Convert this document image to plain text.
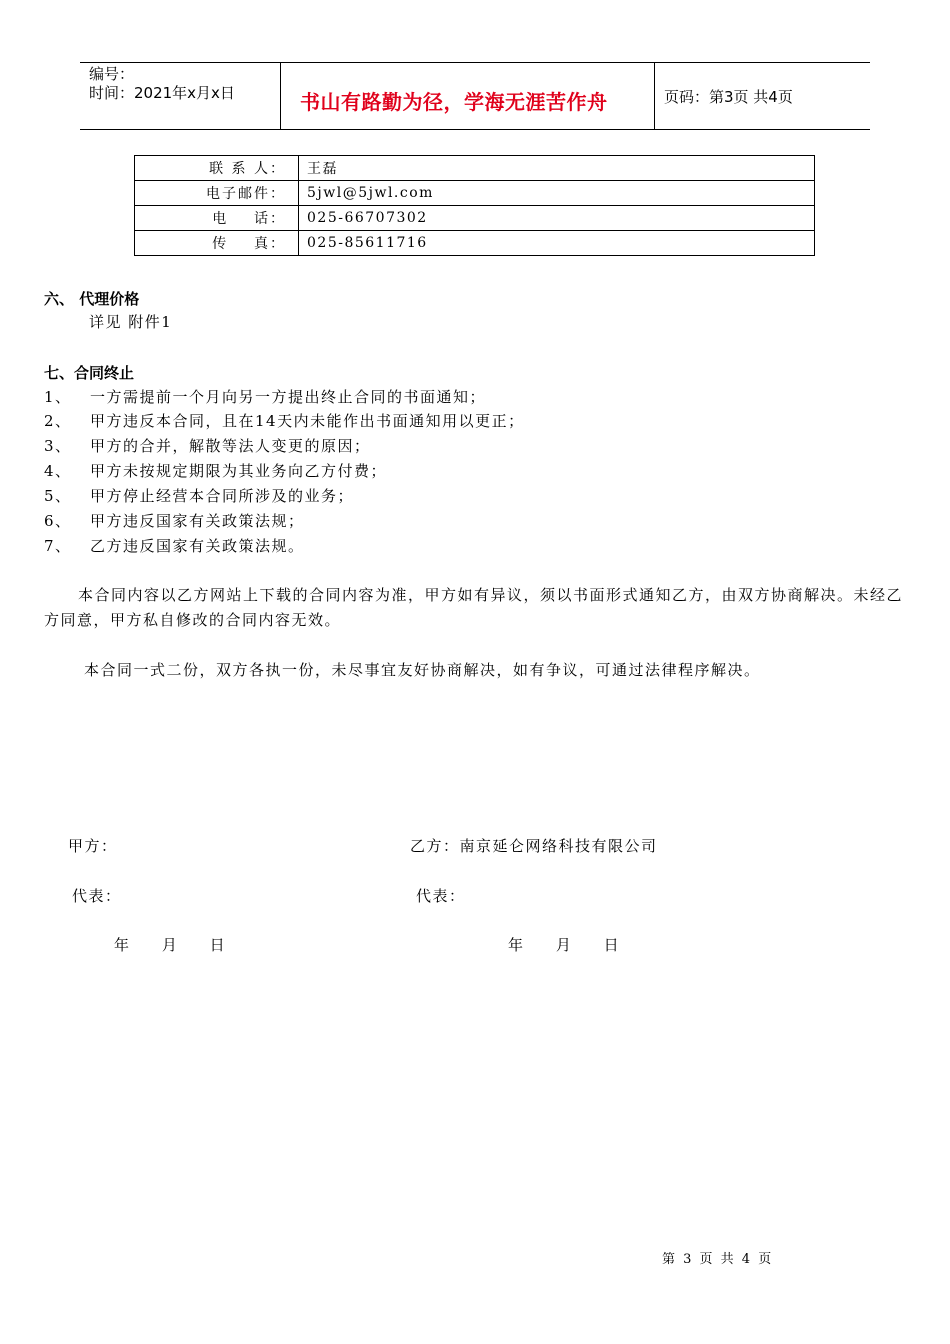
编号：
时间：2021年x月x日	书山有路勤为径，学海无涯苦作舟	页码：第3页 共4页
联 系 人：	王磊
电子邮件：	5jwl@5jwl.com
电    话：	025-66707302
传    真：	025-85611716
六、 代理价格
详见 附件1
七、合同终止
1、 一方需提前一个月向另一方提出终止合同的书面通知；
2、 甲方违反本合同，且在14天内未能作出书面通知用以更正；
3、 甲方的合并，解散等法人变更的原因；
4、 甲方未按规定期限为其业务向乙方付费；
5、 甲方停止经营本合同所涉及的业务；
6、 甲方违反国家有关政策法规；
7、 乙方违反国家有关政策法规。
本合同内容以乙方网站上下载的合同内容为准，甲方如有异议，须以书面形式通知乙方，由双方协商解决。未经乙方同意，甲方私自修改的合同内容无效。
本合同一式二份，双方各执一份，未尽事宜友好协商解决，如有争议，可通过法律程序解决。
甲方：	乙方：南京延仑网络科技有限公司
代表：	代表：
年     月     日	年     月     日
第 3 页 共 4 页
